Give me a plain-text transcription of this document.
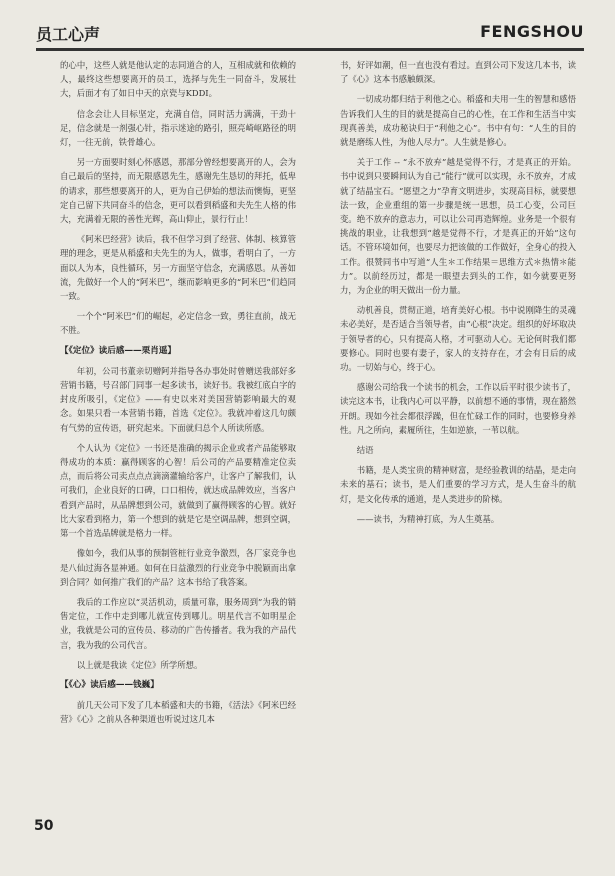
员工心声	FENGSHOU

的心中，这些人就是他认定的志同道合的人，互相成就和依赖的人，最终这些想要离开的员工，选择与先生一同奋斗，发展壮大，后面才有了如日中天的京瓷与KDDI。

信念会让人目标坚定，充满自信，同时活力满满，干劲十足，信念就是一剂强心针，指示迷途的路引，照亮崎岖路径的明灯，一往无前，铁骨雄心。

另一方面要时刻心怀感恩，那部分曾经想要离开的人，会为自己最后的坚持，而无限感恩先生，感谢先生恳切的拜托，低卑的请求，那些想要离开的人，更为自己伊始的想法而懊悔，更坚定自己留下共同奋斗的信念，更可以看到稻盛和夫先生人格的伟大，充满着无限的善性光辉，高山仰止，景行行止！

《阿米巴经营》读后，我不但学习到了经营、体制、核算管理的理念，更是从稻盛和夫先生的为人，做事，看明白了，一方面以人为本，良性循环，另一方面坚守信念，充满感恩。从善如流，先做好一个人的“阿米巴”，继而影响更多的“阿米巴”们趋同一致。

一个个“阿米巴”们的崛起，必定信念一致，勇往直前，战无不胜。

【《定位》读后感——栗肖遥】

年初，公司书董亲切赠阿并指导各办事处时曾赠送我部好多营销书籍，号召部门同事一起多读书，读好书。我被红底白字的封皮所吸引，《定位》——有史以来对美国营销影响最大的观念。如果只看一本营销书籍，首选《定位》。我就冲着这几句颇有气势的宣传语，研究起来。下面就归总个人所读所感。

个人认为《定位》一书还是准确的揭示企业或者产品能够取得成功的本质：赢得顾客的心智！后公司的产品要精准定位卖点，而后将公司卖点点点滴滴灌输给客户，让客户了解我们，认可我们，企业良好的口碑，口口相传，就达成品牌效应，当客户看到产品时，从品牌想到公司，就做到了赢得顾客的心智。就好比大家看到格力，第一个想到的就是它是空调品牌，想到空调，第一个首选品牌就是格力一样。

像如今，我们从事的预制管桩行业竞争激烈，各厂家竞争也是八仙过海各显神通。如何在日益激烈的行业竞争中脱颖而出拿到合同？如何推广我们的产品？这本书给了我答案。

我后的工作应以“灵活机动，质量可靠，服务周到”为我的销售定位，工作中走到哪儿就宣传到哪儿。明星代言不如明星企业，我就是公司的宣传员、移动的广告传播者。我为我的产品代言，我为我的公司代言。

以上就是我读《定位》所学所想。

【《心》读后感——钱巍】

前几天公司下发了几本稻盛和夫的书籍，《活法》《阿米巴经营》《心》之前从各种渠道也听说过这几本

书，好评如潮，但一直也没有看过。直到公司下发这几本书，读了《心》这本书感触颇深。

一切成功都归结于利他之心。稻盛和夫用一生的智慧和感悟告诉我们人生的目的就是提高自己的心性，在工作和生活当中实现真善美，成功秘诀归于“利他之心”。书中有句：“人生的目的就是磨练人性，为他人尽力”。人生就是修心。

关于工作 -- “永不放弃”越是觉得不行，才是真正的开始。书中说到只要瞬间认为自己“能行”就可以实现，永不放弃，才成就了结晶宝石。“愿望之力”孕育文明进步，实现高目标，就要想法一致，企业重组的第一步骤是统一思想，员工心变，公司巨变。绝不放弃的意志力，可以让公司再造辉煌。业务是一个很有挑战的职业，让我想到“越是觉得不行，才是真正的开始”这句话。不管环境如何，也要尽力把该做的工作做好，全身心的投入工作。很赞同书中写道“人生＊工作结果＝思维方式＊热情＊能力”。以前经历过，都是一眼望去到头的工作，如今就要更努力，为企业的明天做出一份力量。

动机善良，贯彻正道，培育美好心根。书中说刚降生的灵魂未必美好，是否适合当领导者，由“心根”决定。组织的好坏取决于领导者的心，只有提高人格，才可驱动人心。无论何时我们都要修心。同时也要有妻子，家人的支持存在，才会有日后的成功。一切始与心，终于心。

感谢公司给我一个读书的机会，工作以后平时很少读书了，读完这本书，让我内心可以平静，以前想不通的事情，现在豁然开朗。现如今社会都很浮躁，但在忙碌工作的同时，也要修身养性。凡之所向，素履所往，生如逆旅，一苇以航。

结语

书籍，是人类宝贵的精神财富，是经验教训的结晶，是走向未来的基石；读书，是人们重要的学习方式，是人生奋斗的航灯，是文化传承的通道，是人类进步的阶梯。

——读书，为精神打底，为人生奠基。

50
